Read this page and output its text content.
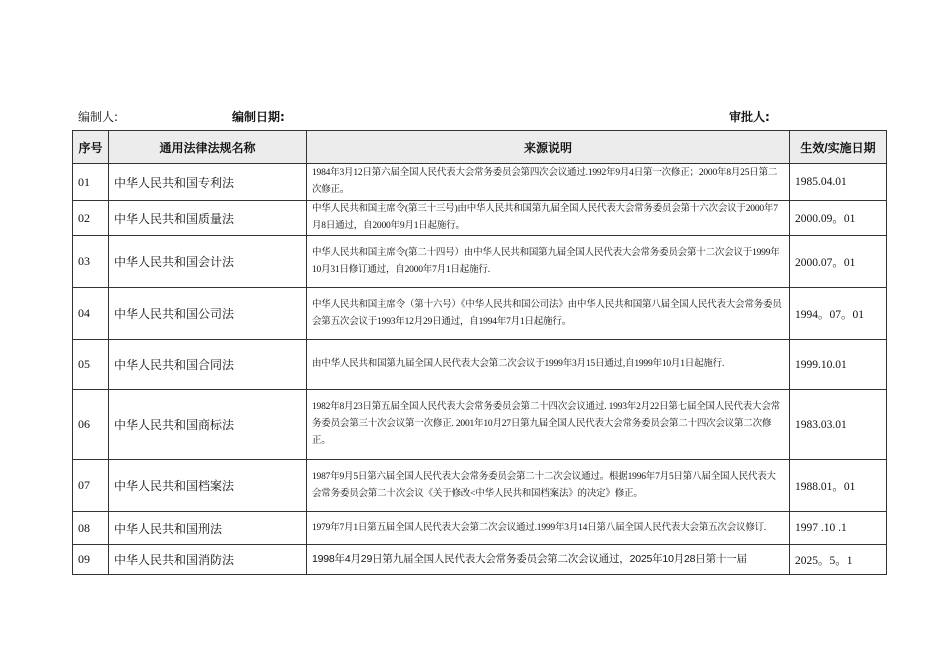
编制人:	编制日期:	审批人:
序号	通用法律法规名称	来源说明	生效/实施日期
01	中华人民共和国专利法	1984年3月12日第六届全国人民代表大会常务委员会第四次会议通过.1992年9月4日第一次修正；2000年8月25日第二次修正。	1985.04.01
02	中华人民共和国质量法	中华人民共和国主席令(第三十三号)由中华人民共和国第九届全国人民代表大会常务委员会第十六次会议于2000年7月8日通过，自2000年9月1日起施行。	2000.09。01
03	中华人民共和国会计法	中华人民共和国主席令(第二十四号）由中华人民共和国第九届全国人民代表大会常务委员会第十二次会议于1999年10月31日修订通过，自2000年7月1日起施行.	2000.07。01
04	中华人民共和国公司法	中华人民共和国主席令（第十六号）《中华人民共和国公司法》由中华人民共和国第八届全国人民代表大会常务委员会第五次会议于1993年12月29日通过，自1994年7月1日起施行。	1994。07。01
05	中华人民共和国合同法	由中华人民共和国第九届全国人民代表大会第二次会议于1999年3月15日通过,自1999年10月1日起施行.	1999.10.01
06	中华人民共和国商标法	1982年8月23日第五届全国人民代表大会常务委员会第二十四次会议通过. 1993年2月22日第七届全国人民代表大会常务委员会第三十次会议第一次修正. 2001年10月27日第九届全国人民代表大会常务委员会第二十四次会议第二次修正。	1983.03.01
07	中华人民共和国档案法	1987年9月5日第六届全国人民代表大会常务委员会第二十二次会议通过。根据1996年7月5日第八届全国人民代表大会常务委员会第二十次会议《关于修改<中华人民共和国档案法》的决定》修正。	1988.01。01
08	中华人民共和国刑法	1979年7月1日第五届全国人民代表大会第二次会议通过.1999年3月14日第八届全国人民代表大会第五次会议修订.	1997 .10 .1
09	中华人民共和国消防法	1998年4月29日第九届全国人民代表大会常务委员会第二次会议通过，2025年10月28日第十一届	2025。5。1
